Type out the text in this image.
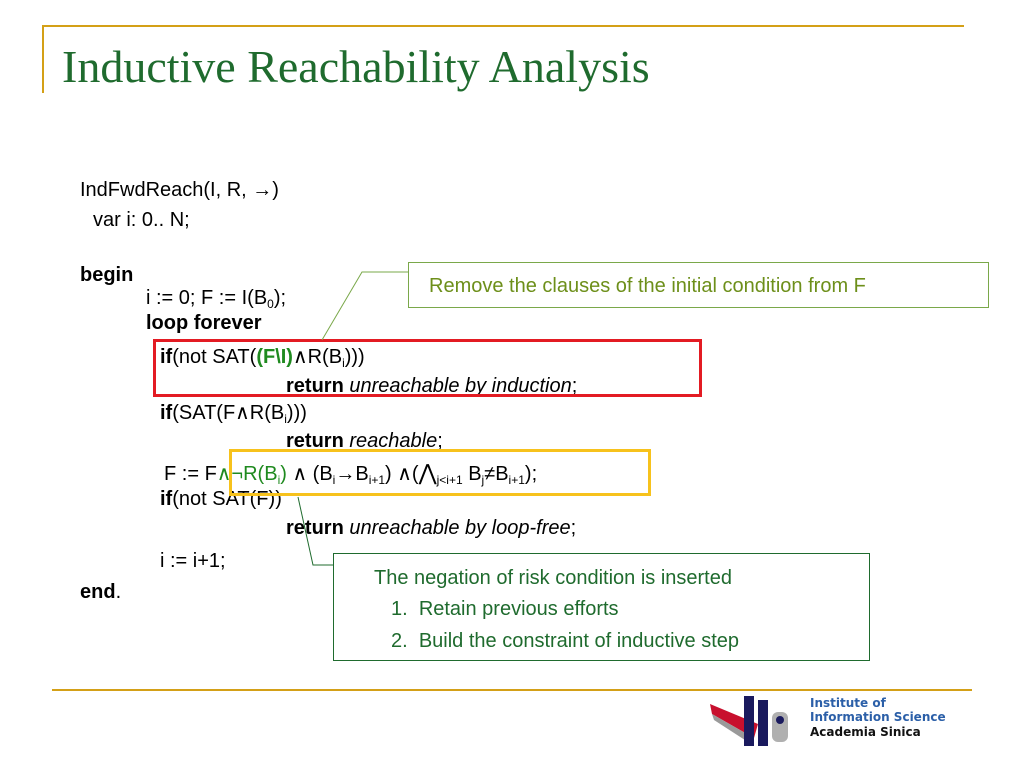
Inductive Reachability Analysis
IndFwdReach(I, R, →)
var i: 0.. N;
begin
i := 0; F := $I(B_0)$;
loop forever
if(not $SAT((F\backslash I)\wedge R(B_i))$)
return unreachable by induction;
$if(SAT(F\wedge R(B_i)))$
return reachable;
F := $F\wedge\neg R(B_i)$ ∧ $(B_i\to B_{i+1})$ $\wedge(⋀_{j<i+1}$ $B_j\ne B_{i+1}$);
if(not SAT(F))
return unreachable by loop-free;
i := i+1;
end.
Remove the clauses of the initial condition from F
The negation of risk condition is inserted
1. Retain previous efforts
2. Build the constraint of inductive step
Institute of
Information Science
Academia Sinica
